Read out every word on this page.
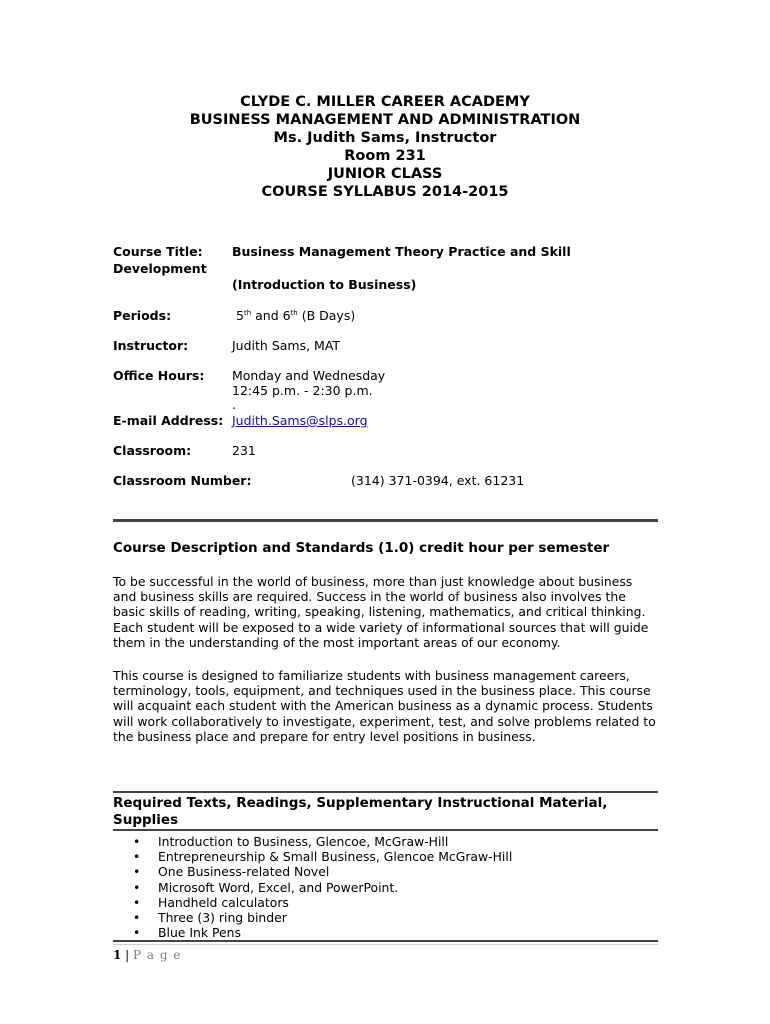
CLYDE C. MILLER CAREER ACADEMY
BUSINESS MANAGEMENT AND ADMINISTRATION
Ms. Judith Sams, Instructor
Room 231
JUNIOR CLASS
COURSE SYLLABUS 2014-2015
Course Title: Business Management Theory Practice and Skill
Development
(Introduction to Business)
Periods:	5th and 6th (B Days)
Instructor:	Judith Sams, MAT
Office Hours: Monday and Wednesday
12:45 p.m. - 2:30 p.m.
.
E-mail Address: Judith.Sams@slps.org
Classroom:	231
Classroom Number:	(314) 371-0394, ext. 61231
Course Description and Standards (1.0) credit hour per semester
To be successful in the world of business, more than just knowledge about business and business skills are required. Success in the world of business also involves the basic skills of reading, writing, speaking, listening, mathematics, and critical thinking. Each student will be exposed to a wide variety of informational sources that will guide them in the understanding of the most important areas of our economy.
This course is designed to familiarize students with business management careers, terminology, tools, equipment, and techniques used in the business place. This course will acquaint each student with the American business as a dynamic process. Students will work collaboratively to investigate, experiment, test, and solve problems related to the business place and prepare for entry level positions in business.
Required Texts, Readings, Supplementary Instructional Material, Supplies
• Introduction to Business, Glencoe, McGraw-Hill
• Entrepreneurship & Small Business, Glencoe McGraw-Hill
• One Business-related Novel
• Microsoft Word, Excel, and PowerPoint.
• Handheld calculators
• Three (3) ring binder
• Blue Ink Pens
1 | P a g e
